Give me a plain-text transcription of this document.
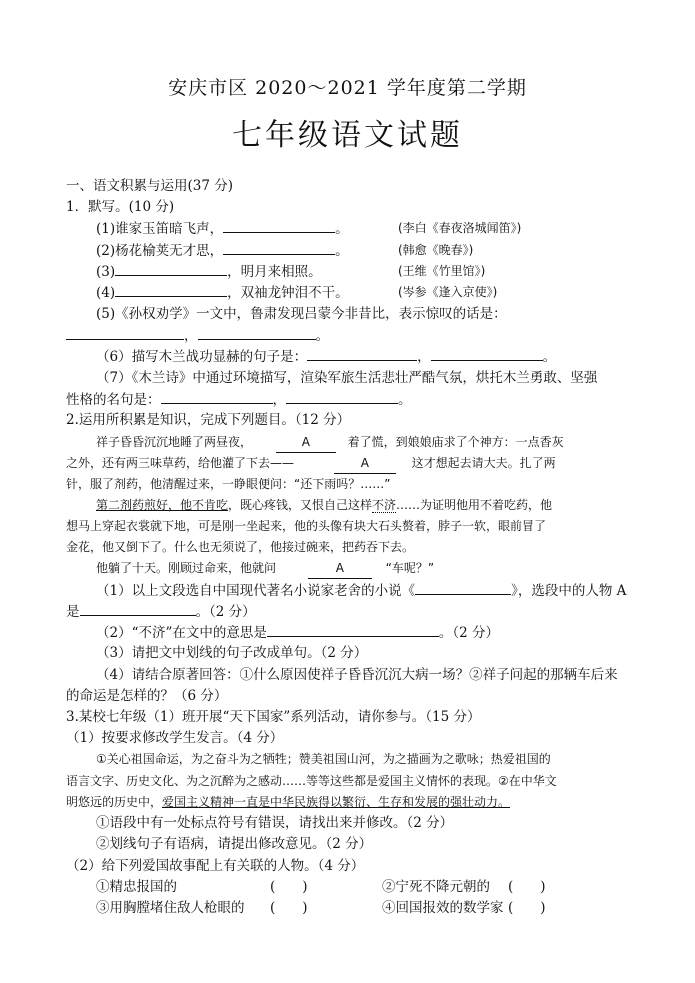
安庆市区 2020～2021 学年度第二学期
七年级语文试题
一、语文积累与运用(37 分)
1．默写。(10 分)
(1)谁家玉笛暗飞声，	。	(李白《春夜洛城闻笛》)
(2)杨花榆荚无才思，	。	(韩愈《晚春》)
(3)	，明月来相照。	(王维《竹里馆》)
(4)	，双袖龙钟泪不干。	(岑参《逢入京使》)
(5)《孙权劝学》一文中，鲁肃发现吕蒙今非昔比，表示惊叹的话是：
，	。
（6）描写木兰战功显赫的句子是：	，	。
（7）《木兰诗》中通过环境描写，渲染军旅生活悲壮严酷气氛，烘托木兰勇敢、坚强
性格的名句是：	，	。
2.运用所积累是知识，完成下列题目。（12 分）
祥子昏昏沉沉地睡了两昼夜，	A	着了慌，到娘娘庙求了个神方：一点香灰
之外，还有两三味草药，给他灌了下去——	A	这才想起去请大夫。扎了两
针，服了剂药，他清醒过来，一睁眼便问：“还下雨吗？……”
第二剂药煎好，他不肯吃，既心疼钱，又恨自己这样不济……为证明他用不着吃药，他
想马上穿起衣裳就下地，可是刚一坐起来，他的头像有块大石头赘着，脖子一软，眼前冒了
金花，他又倒下了。什么也无须说了，他接过碗来，把药吞下去。
他躺了十天。刚顾过命来，他就问	A	“车呢？”
（1）以上文段选自中国现代著名小说家老舍的小说《	》，选段中的人物 A
是	。（2 分）
（2）“不济”在文中的意思是	。（2 分）
（3）请把文中划线的句子改成单句。（2 分）
（4）请结合原著回答：①什么原因使祥子昏昏沉沉大病一场？②祥子问起的那辆车后来
的命运是怎样的？（6 分）
3.某校七年级（1）班开展“天下国家”系列活动，请你参与。（15 分）
（1）按要求修改学生发言。（4 分）
①关心祖国命运，为之奋斗为之牺牲；赞美祖国山河，为之描画为之歌咏；热爱祖国的
语言文字、历史文化、为之沉醉为之感动……等等这些都是爱国主义情怀的表现。②在中华文
明悠远的历史中，爱国主义精神一直是中华民族得以繁衍、生存和发展的强壮动力。
①语段中有一处标点符号有错误，请找出来并修改。（2 分）
②划线句子有语病，请提出修改意见。（2 分）
（2）给下列爱国故事配上有关联的人物。（4 分）
①精忠报国的	(　　)	②宁死不降元朝的	(　　)
③用胸膛堵住敌人枪眼的	(　　)	④回国报效的数学家 (　　)
